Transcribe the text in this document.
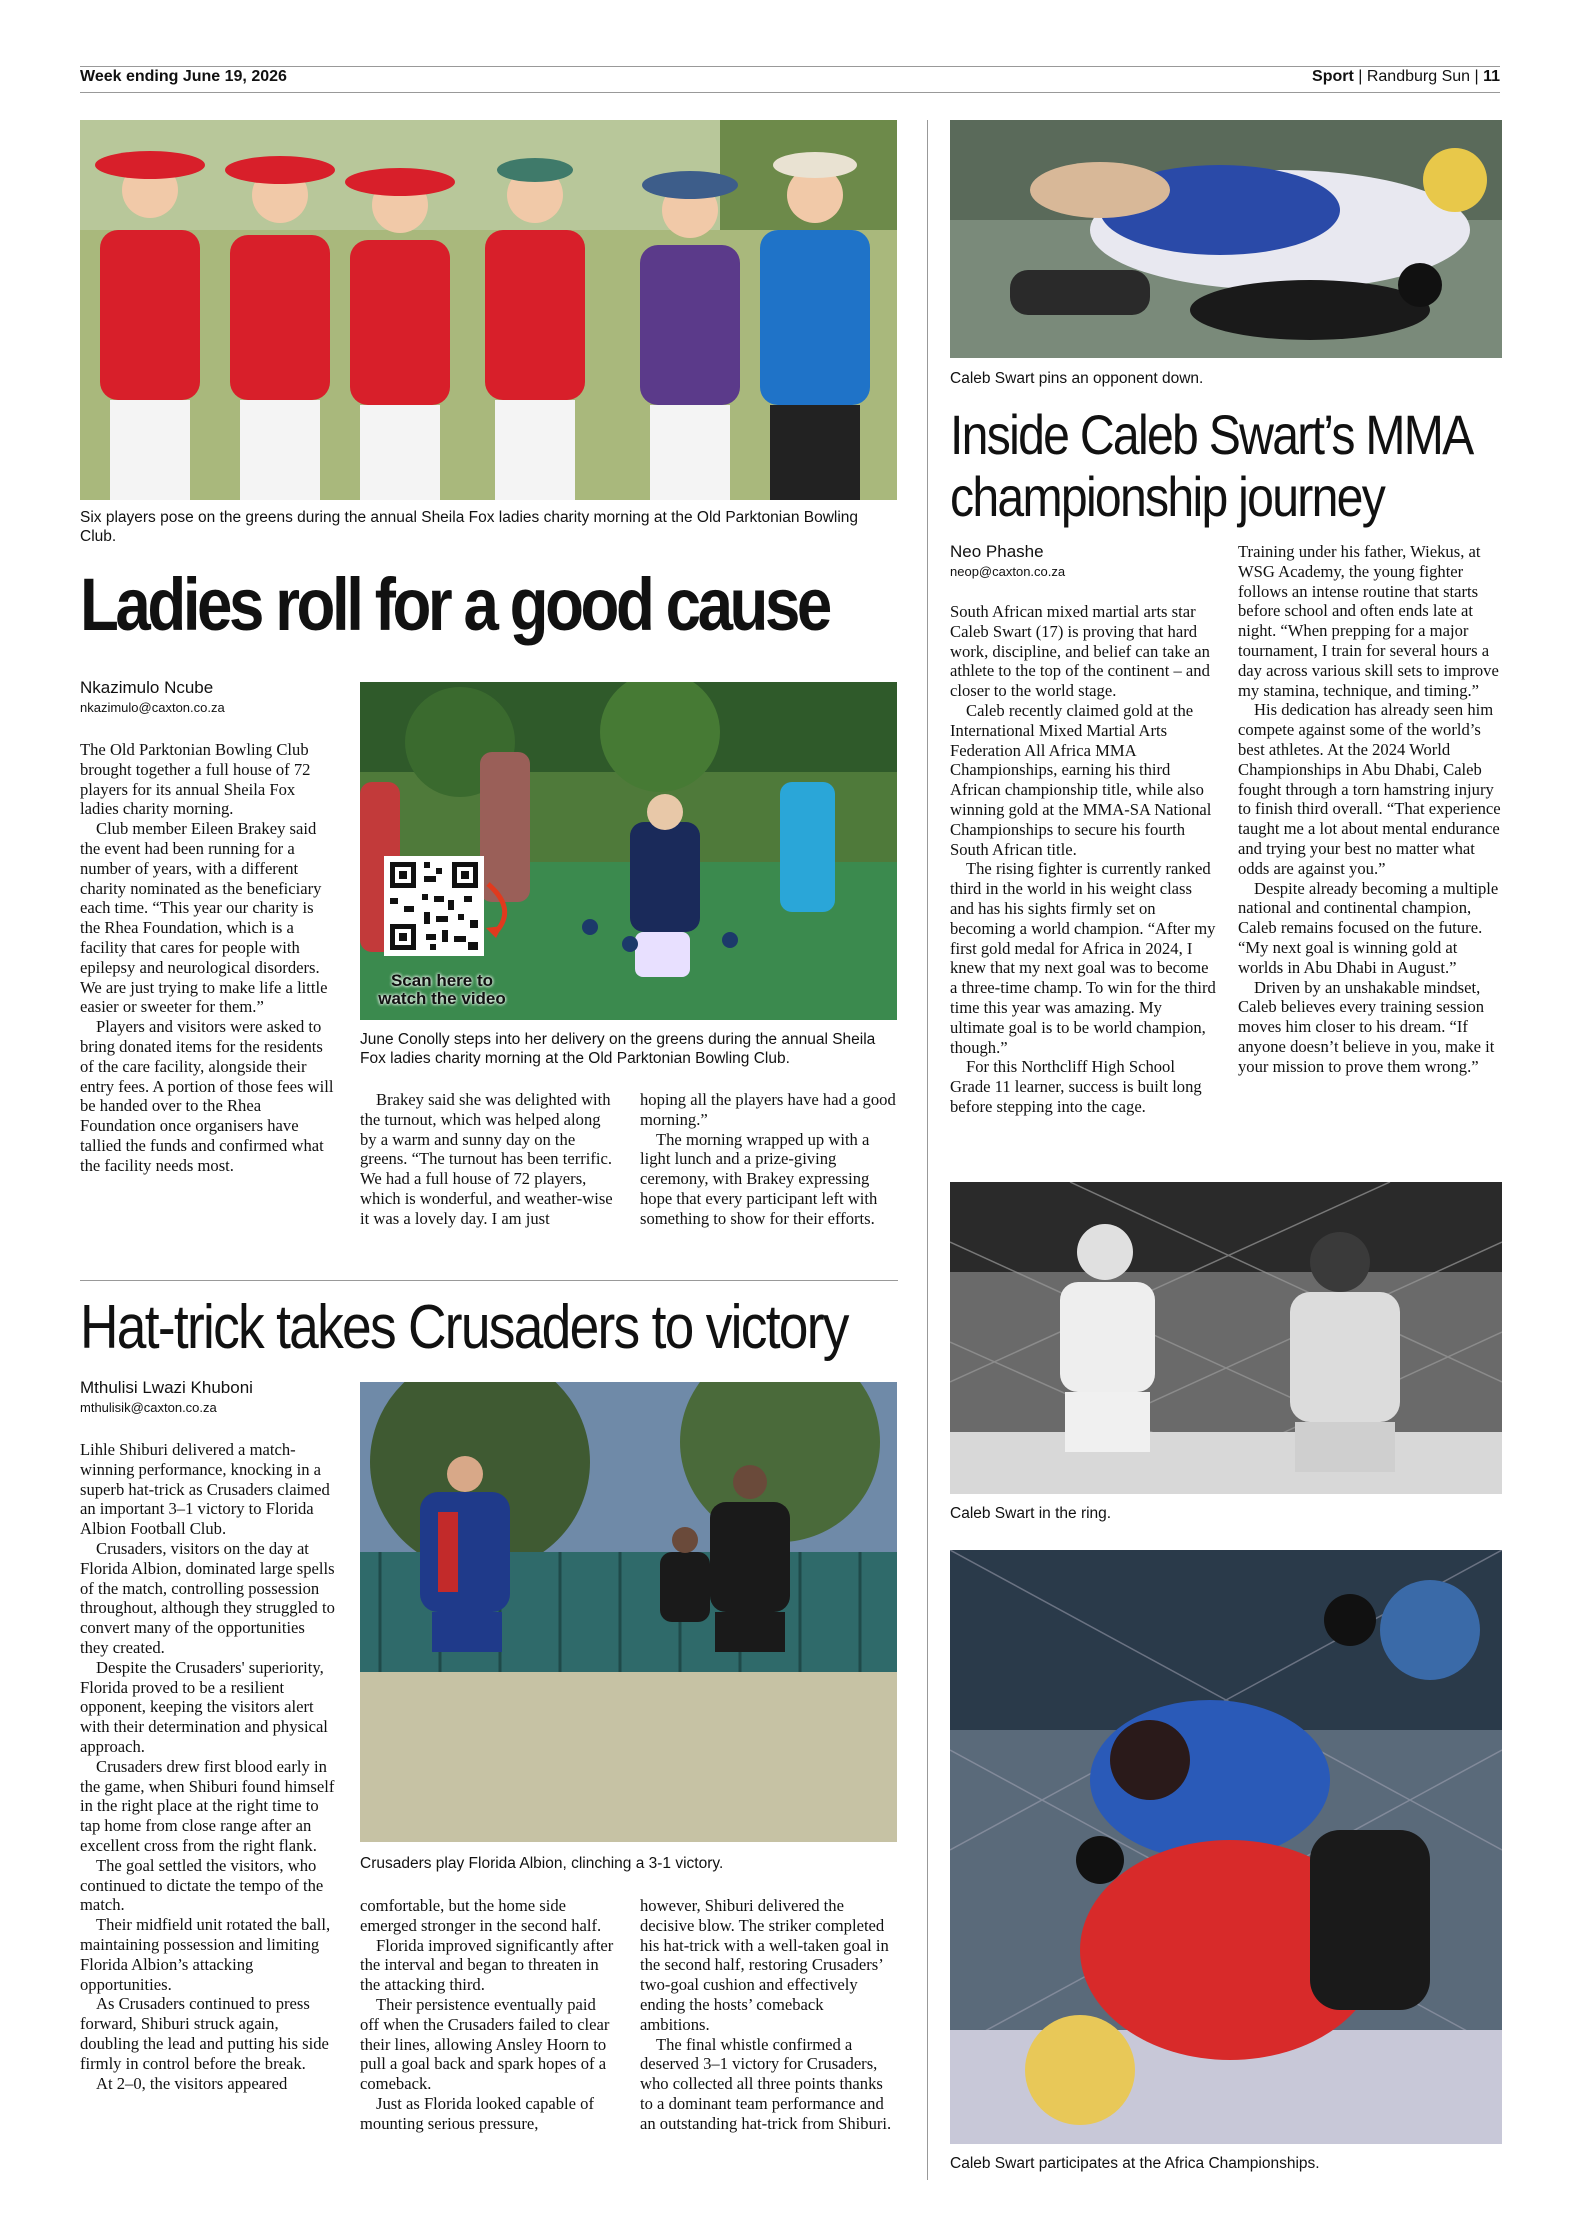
Week ending June 19, 2026	Sport | Randburg Sun | 11
Six players pose on the greens during the annual Sheila Fox ladies charity morning at the Old Parktonian Bowling Club.
Ladies roll for a good cause
Nkazimulo Ncube
nkazimulo@caxton.co.za
Scan here to watch the video
June Conolly steps into her delivery on the greens during the annual Sheila Fox ladies charity morning at the Old Parktonian Bowling Club.

The Old Parktonian Bowling Club brought together a full house of 72 players for its annual Sheila Fox ladies charity morning.

Club member Eileen Brakey said the event had been running for a number of years, with a different charity nominated as the beneficiary each time. “This year our charity is the Rhea Foundation, which is a facility that cares for people with epilepsy and neurological disorders. We are just trying to make life a little easier or sweeter for them.”

Players and visitors were asked to bring donated items for the residents of the care facility, alongside their entry fees. A portion of those fees will be handed over to the Rhea Foundation once organisers have tallied the funds and confirmed what the facility needs most.

Brakey said she was delighted with the turnout, which was helped along by a warm and sunny day on the greens. “The turnout has been terrific. We had a full house of 72 players, which is wonderful, and weather-wise it was a lovely day. I am just

hoping all the players have had a good morning.”

The morning wrapped up with a light lunch and a prize-giving ceremony, with Brakey expressing hope that every participant left with something to show for their efforts.

Hat-trick takes Crusaders to victory
Mthulisi Lwazi Khuboni
mthulisik@caxton.co.za
Crusaders play Florida Albion, clinching a 3-1 victory.

Lihle Shiburi delivered a match-winning performance, knocking in a superb hat-trick as Crusaders claimed an important 3–1 victory to Florida Albion Football Club.

Crusaders, visitors on the day at Florida Albion, dominated large spells of the match, controlling possession throughout, although they struggled to convert many of the opportunities they created.

Despite the Crusaders' superiority, Florida proved to be a resilient opponent, keeping the visitors alert with their determination and physical approach.

Crusaders drew first blood early in the game, when Shiburi found himself in the right place at the right time to tap home from close range after an excellent cross from the right flank.

The goal settled the visitors, who continued to dictate the tempo of the match.

Their midfield unit rotated the ball, maintaining possession and limiting Florida Albion’s attacking opportunities.

As Crusaders continued to press forward, Shiburi struck again, doubling the lead and putting his side firmly in control before the break.

At 2–0, the visitors appeared

comfortable, but the home side emerged stronger in the second half.

Florida improved significantly after the interval and began to threaten in the attacking third.

Their persistence eventually paid off when the Crusaders failed to clear their lines, allowing Ansley Hoorn to pull a goal back and spark hopes of a comeback.

Just as Florida looked capable of mounting serious pressure,

however, Shiburi delivered the decisive blow. The striker completed his hat-trick with a well-taken goal in the second half, restoring Crusaders’ two-goal cushion and effectively ending the hosts’ comeback ambitions.

The final whistle confirmed a deserved 3–1 victory for Crusaders, who collected all three points thanks to a dominant team performance and an outstanding hat-trick from Shiburi.

Caleb Swart pins an opponent down.
Inside Caleb Swart’s MMA championship journey
Neo Phashe
neop@caxton.co.za

South African mixed martial arts star Caleb Swart (17) is proving that hard work, discipline, and belief can take an athlete to the top of the continent – and closer to the world stage.

Caleb recently claimed gold at the International Mixed Martial Arts Federation All Africa MMA Championships, earning his third African championship title, while also winning gold at the MMA-SA National Championships to secure his fourth South African title.

The rising fighter is currently ranked third in the world in his weight class and has his sights firmly set on becoming a world champion. “After my first gold medal for Africa in 2024, I knew that my next goal was to become a three-time champ. To win for the third time this year was amazing. My ultimate goal is to be world champion, though.”

For this Northcliff High School Grade 11 learner, success is built long before stepping into the cage.

Training under his father, Wiekus, at WSG Academy, the young fighter follows an intense routine that starts before school and often ends late at night. “When prepping for a major tournament, I train for several hours a day across various skill sets to improve my stamina, technique, and timing.”

His dedication has already seen him compete against some of the world’s best athletes. At the 2024 World Championships in Abu Dhabi, Caleb fought through a torn hamstring injury to finish third overall. “That experience taught me a lot about mental endurance and trying your best no matter what odds are against you.”

Despite already becoming a multiple national and continental champion, Caleb remains focused on the future. “My next goal is winning gold at worlds in Abu Dhabi in August.”

Driven by an unshakable mindset, Caleb believes every training session moves him closer to his dream. “If anyone doesn’t believe in you, make it your mission to prove them wrong.”

Caleb Swart in the ring.
Caleb Swart participates at the Africa Championships.
